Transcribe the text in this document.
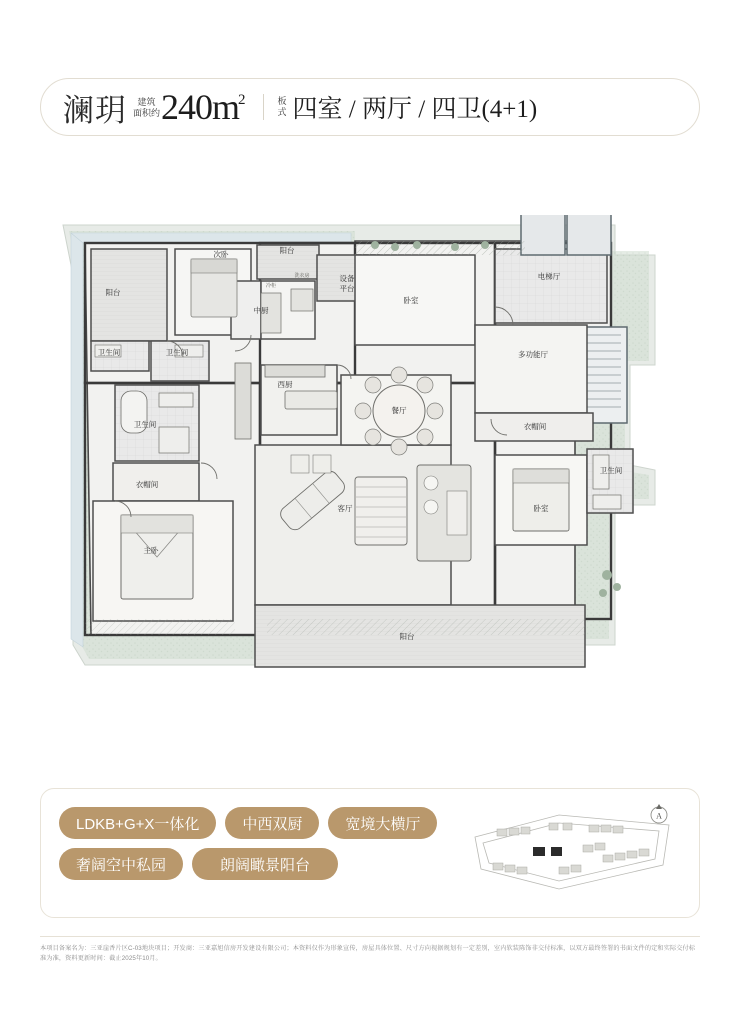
澜玥	建筑
面积约 240m 2	板
式 四室 / 两厅 / 四卫(4+1)
阳台
次卧	阳台
中厨
设备
平台
卧室
电梯厅
卫生间	卫生间
西厨
餐厅
多功能厅
卫生间	衣帽间
衣帽间
卧室
卫生间
客厅
主卧
阳台
冷柜
洗衣房
LDKB+G+X一体化	中西双厨	宽境大横厅
奢阔空中私园	朗阔瞰景阳台
A
本项目备案名为：三亚崖香片区C-03地块项目；开发商：三亚嘉旭信房开发建设有限公司；本资料仅作为形象宣传，房屋具体位置、尺寸方向视据规划有一定差别，室内软装陈饰非交付标准，以双方最终签署的书面文件的定和实际交付标准为准，资料更新时间：截止2025年10月。
